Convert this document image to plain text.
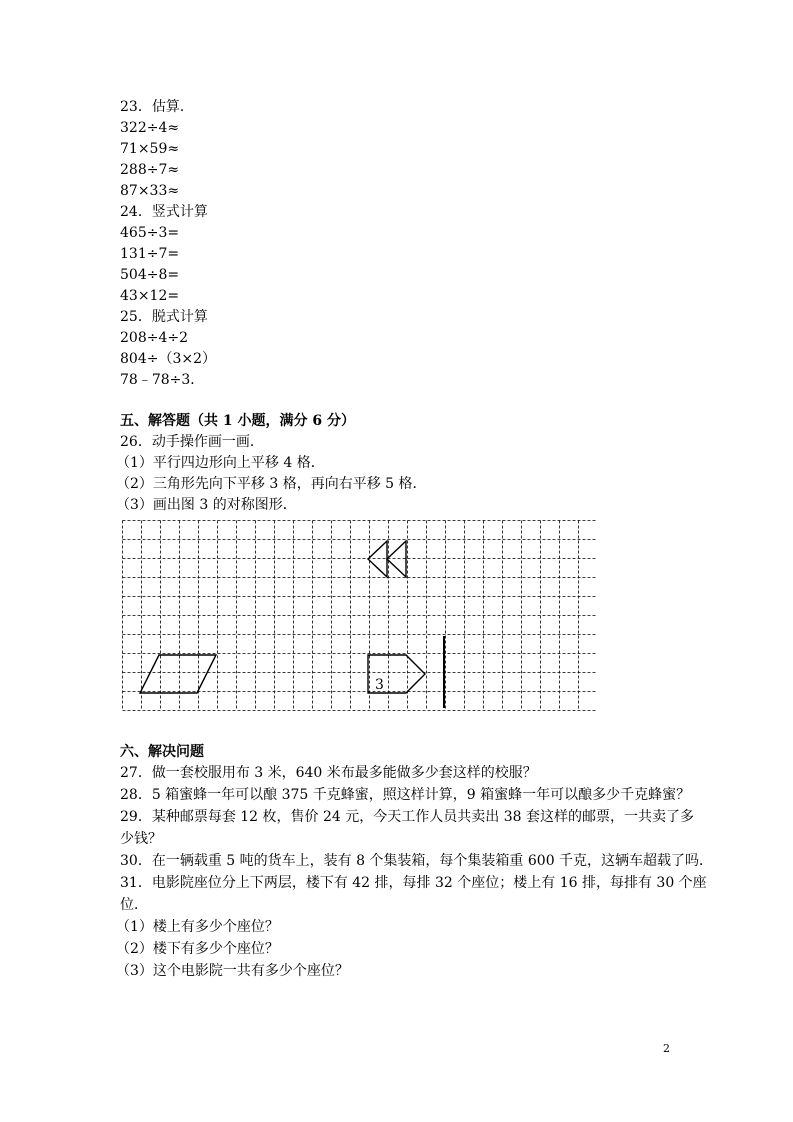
23．估算．
322÷4≈
71×59≈
288÷7≈
87×33≈
24．竖式计算
465÷3=
131÷7=
504÷8=
43×12=
25．脱式计算
208÷4÷2
804÷（3×2）
78﹣78÷3．
五、解答题（共 1 小题，满分 6 分）
26．动手操作画一画．
（1）平行四边形向上平移 4 格．
（2）三角形先向下平移 3 格，再向右平移 5 格．
（3）画出图 3 的对称图形．
3
六、解决问题
27．做一套校服用布 3 米，640 米布最多能做多少套这样的校服？
28．5 箱蜜蜂一年可以酿 375 千克蜂蜜，照这样计算，9 箱蜜蜂一年可以酿多少千克蜂蜜？
29．某种邮票每套 12 枚，售价 24 元，今天工作人员共卖出 38 套这样的邮票，一共卖了多
少钱？
30．在一辆载重 5 吨的货车上，装有 8 个集装箱，每个集装箱重 600 千克，这辆车超载了吗．
31．电影院座位分上下两层，楼下有 42 排，每排 32 个座位；楼上有 16 排，每排有 30 个座
位．
（1）楼上有多少个座位？
（2）楼下有多少个座位？
（3）这个电影院一共有多少个座位？
2
